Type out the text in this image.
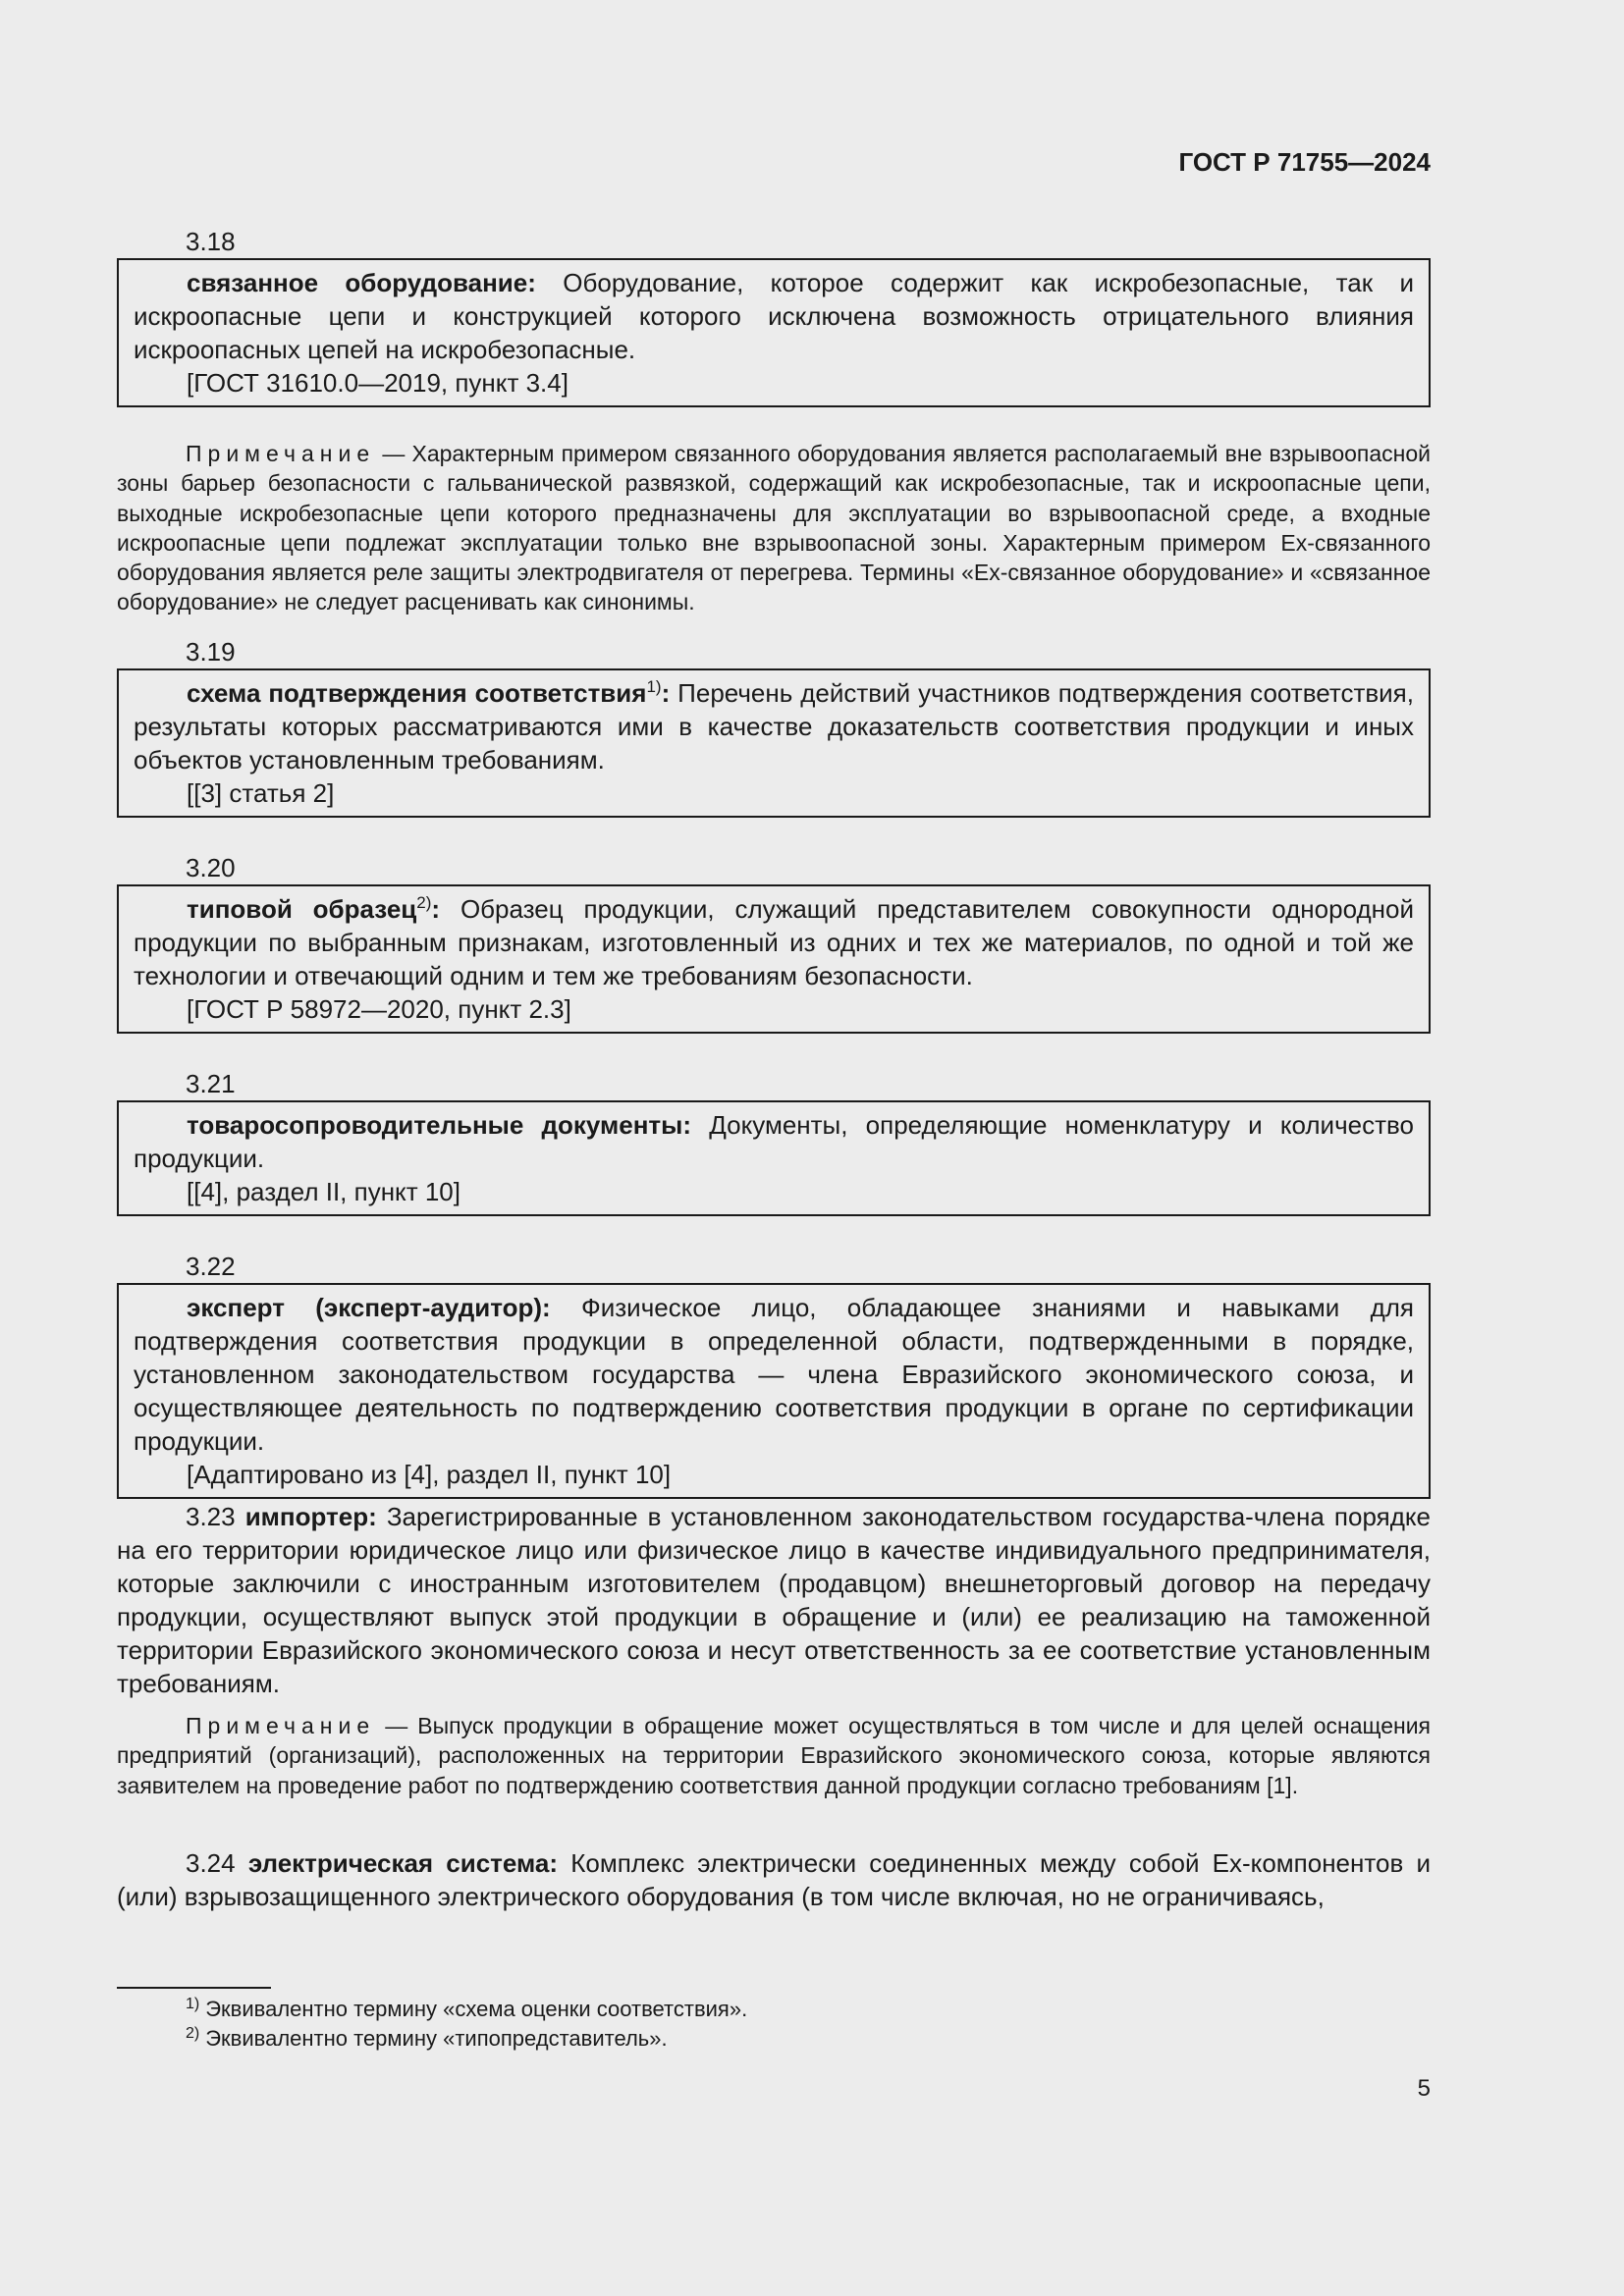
ГОСТ Р 71755—2024
3.18

связанное оборудование: Оборудование, которое содержит как искробезопасные, так и искроопасные цепи и конструкцией которого исключена возможность отрицательного влияния искроопасных цепей на искробезопасные.

[ГОСТ 31610.0—2019, пункт 3.4]

Примечание — Характерным примером связанного оборудования является располагаемый вне взрывоопасной зоны барьер безопасности с гальванической развязкой, содержащий как искробезопасные, так и искроопасные цепи, выходные искробезопасные цепи которого предназначены для эксплуатации во взрывоопасной среде, а входные искроопасные цепи подлежат эксплуатации только вне взрывоопасной зоны. Характерным примером Ex-связанного оборудования является реле защиты электродвигателя от перегрева. Термины «Ex-связанное оборудование» и «связанное оборудование» не следует расценивать как синонимы.

3.19

схема подтверждения соответствия$^{1)}$: Перечень действий участников подтверждения соответствия, результаты которых рассматриваются ими в качестве доказательств соответствия продукции и иных объектов установленным требованиям.

[[3] статья 2]

3.20

типовой образец$^{2)}$: Образец продукции, служащий представителем совокупности однородной продукции по выбранным признакам, изготовленный из одних и тех же материалов, по одной и той же технологии и отвечающий одним и тем же требованиям безопасности.

[ГОСТ Р 58972—2020, пункт 2.3]

3.21

товаросопроводительные документы: Документы, определяющие номенклатуру и количество продукции.

[[4], раздел II, пункт 10]

3.22

эксперт (эксперт-аудитор): Физическое лицо, обладающее знаниями и навыками для подтверждения соответствия продукции в определенной области, подтвержденными в порядке, установленном законодательством государства — члена Евразийского экономического союза, и осуществляющее деятельность по подтверждению соответствия продукции в органе по сертификации продукции.

[Адаптировано из [4], раздел II, пункт 10]

3.23 импортер: Зарегистрированные в установленном законодательством государства-члена порядке на его территории юридическое лицо или физическое лицо в качестве индивидуального предпринимателя, которые заключили с иностранным изготовителем (продавцом) внешнеторговый договор на передачу продукции, осуществляют выпуск этой продукции в обращение и (или) ее реализацию на таможенной территории Евразийского экономического союза и несут ответственность за ее соответствие установленным требованиям.

Примечание — Выпуск продукции в обращение может осуществляться в том числе и для целей оснащения предприятий (организаций), расположенных на территории Евразийского экономического союза, которые являются заявителем на проведение работ по подтверждению соответствия данной продукции согласно требованиям [1].

3.24 электрическая система: Комплекс электрически соединенных между собой Ex-компонентов и (или) взрывозащищенного электрического оборудования (в том числе включая, но не ограничиваясь,

$^{1)}$ Эквивалентно термину «схема оценки соответствия».
$^{2)}$ Эквивалентно термину «типопредставитель».
5
